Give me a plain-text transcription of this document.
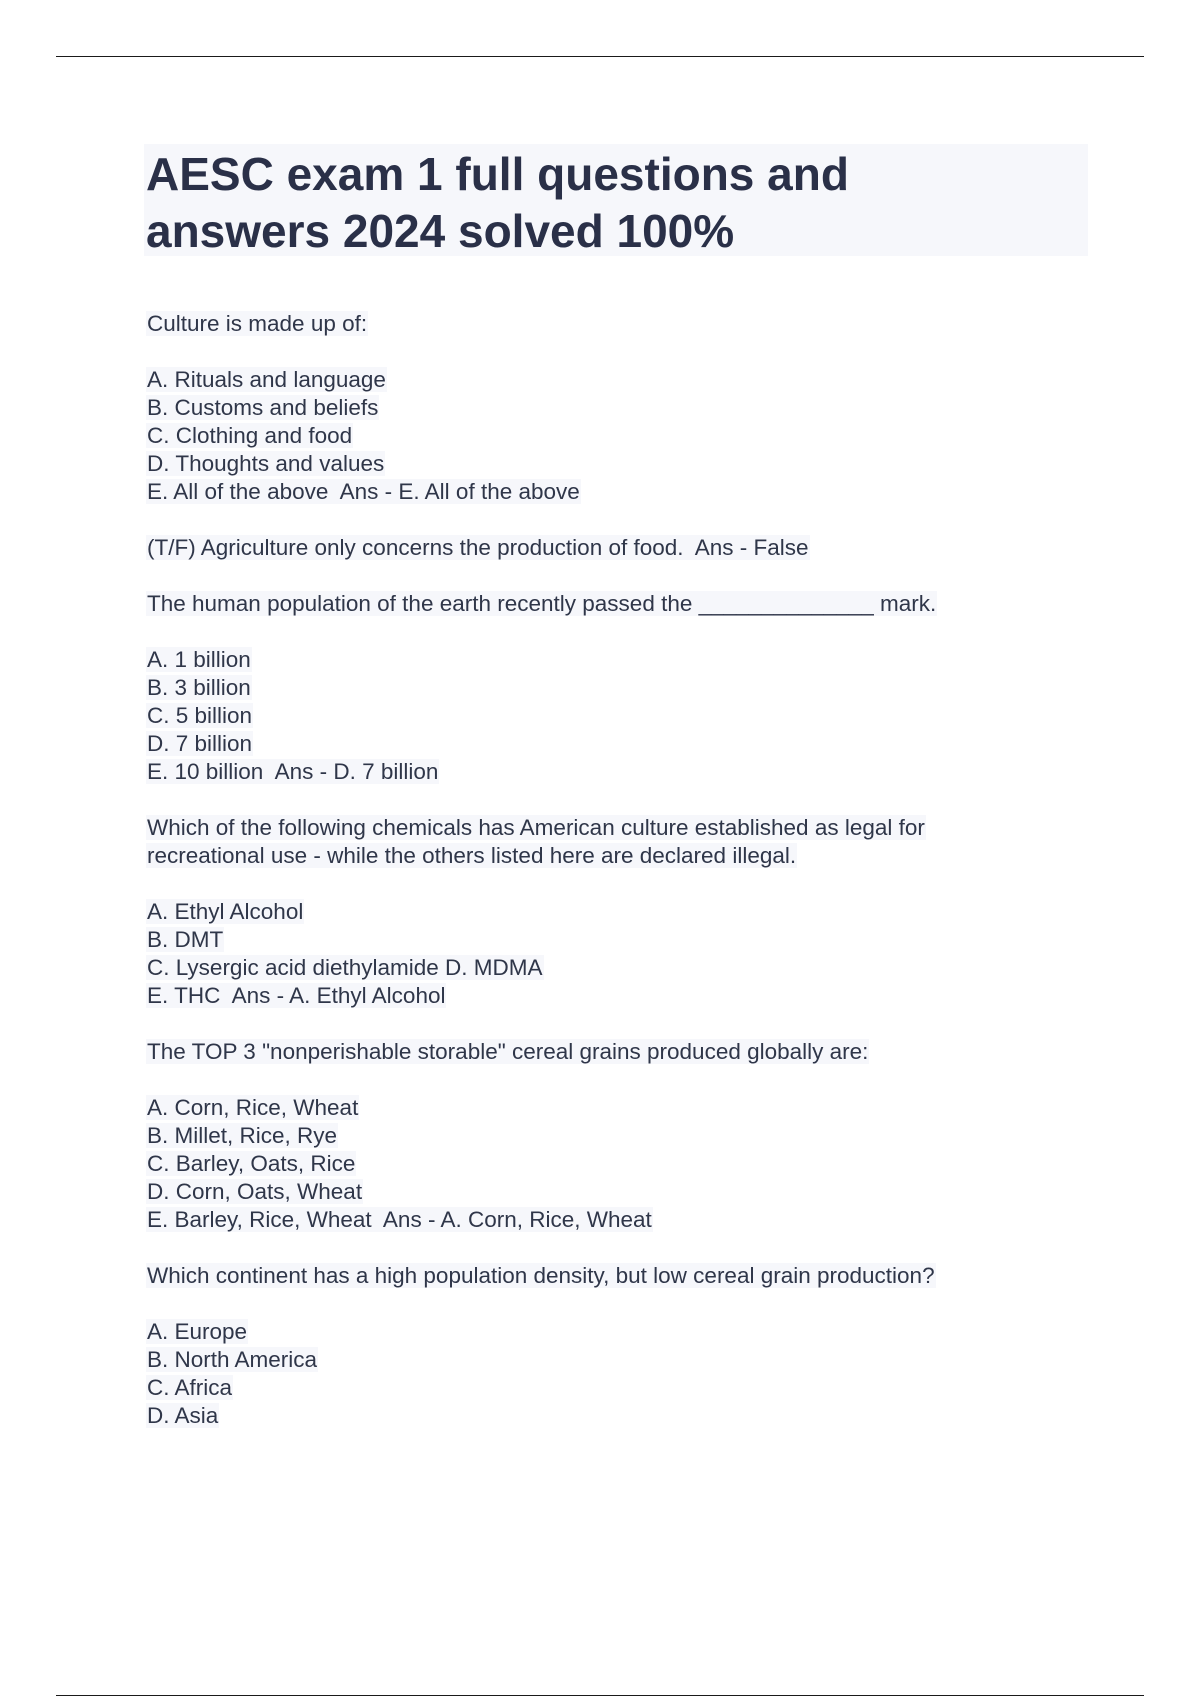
AESC exam 1 full questions and
answers 2024 solved 100%
Culture is made up of:
A. Rituals and language
B. Customs and beliefs
C. Clothing and food
D. Thoughts and values
E. All of the above  Ans - E. All of the above
(T/F) Agriculture only concerns the production of food.  Ans - False
The human population of the earth recently passed the ______________ mark.
A. 1 billion
B. 3 billion
C. 5 billion
D. 7 billion
E. 10 billion  Ans - D. 7 billion
Which of the following chemicals has American culture established as legal for
recreational use - while the others listed here are declared illegal.
A. Ethyl Alcohol
B. DMT
C. Lysergic acid diethylamide D. MDMA
E. THC  Ans - A. Ethyl Alcohol
The TOP 3 "nonperishable storable" cereal grains produced globally are:
A. Corn, Rice, Wheat
B. Millet, Rice, Rye
C. Barley, Oats, Rice
D. Corn, Oats, Wheat
E. Barley, Rice, Wheat  Ans - A. Corn, Rice, Wheat
Which continent has a high population density, but low cereal grain production?
A. Europe
B. North America
C. Africa
D. Asia
